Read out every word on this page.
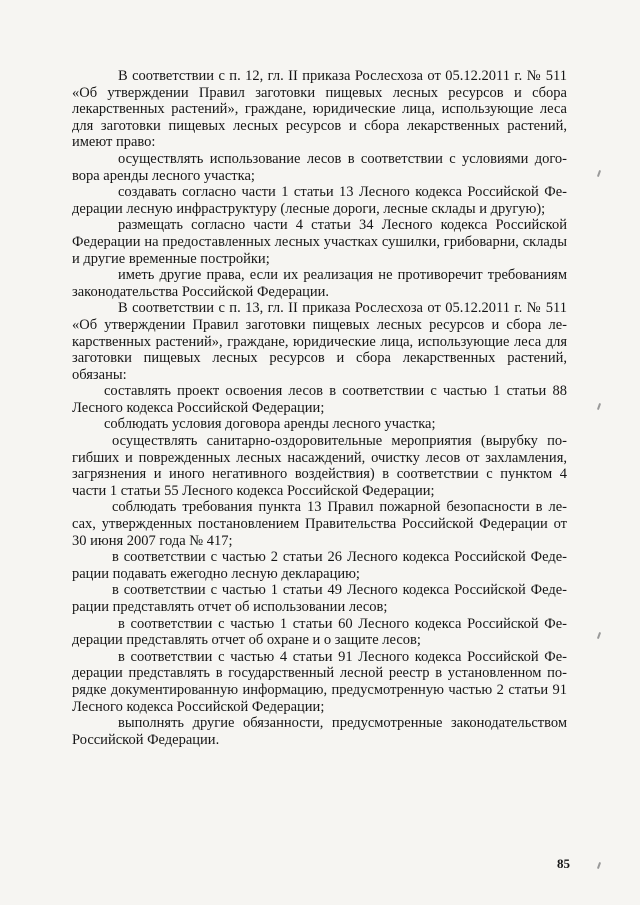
В соответствии с п. 12, гл. II приказа Рослесхоза от 05.12.2011 г. № 511 «Об утверждении Правил заготовки пищевых лесных ресурсов и сбора лекарственных растений», граждане, юридические лица, использующие леса для заготовки пищевых лесных ресурсов и сбора лекарственных растений, имеют право:

осуществлять использование лесов в соответствии с условиями договора аренды лесного участка;

создавать согласно части 1 статьи 13 Лесного кодекса Российской Федерации лесную инфраструктуру (лесные дороги, лесные склады и другую);

размещать согласно части 4 статьи 34 Лесного кодекса Российской Федерации на предоставленных лесных участках сушилки, грибоварни, склады и другие временные постройки;

иметь другие права, если их реализация не противоречит требованиям законодательства Российской Федерации.

В соответствии с п. 13, гл. II приказа Рослесхоза от 05.12.2011 г. № 511 «Об утверждении Правил заготовки пищевых лесных ресурсов и сбора лекарственных растений», граждане, юридические лица, использующие леса для заготовки пищевых лесных ресурсов и сбора лекарственных растений, обязаны:

составлять проект освоения лесов в соответствии с частью 1 статьи 88 Лесного кодекса Российской Федерации;

соблюдать условия договора аренды лесного участка;

осуществлять санитарно-оздоровительные мероприятия (вырубку погибших и поврежденных лесных насаждений, очистку лесов от захламления, загрязнения и иного негативного воздействия) в соответствии с пунктом 4 части 1 статьи 55 Лесного кодекса Российской Федерации;

соблюдать требования пункта 13 Правил пожарной безопасности в лесах, утвержденных постановлением Правительства Российской Федерации от 30 июня 2007 года № 417;

в соответствии с частью 2 статьи 26 Лесного кодекса Российской Федерации подавать ежегодно лесную декларацию;

в соответствии с частью 1 статьи 49 Лесного кодекса Российской Федерации представлять отчет об использовании лесов;

в соответствии с частью 1 статьи 60 Лесного кодекса Российской Федерации представлять отчет об охране и о защите лесов;

в соответствии с частью 4 статьи 91 Лесного кодекса Российской Федерации представлять в государственный лесной реестр в установленном порядке документированную информацию, предусмотренную частью 2 статьи 91 Лесного кодекса Российской Федерации;

выполнять другие обязанности, предусмотренные законодательством Российской Федерации.

85
